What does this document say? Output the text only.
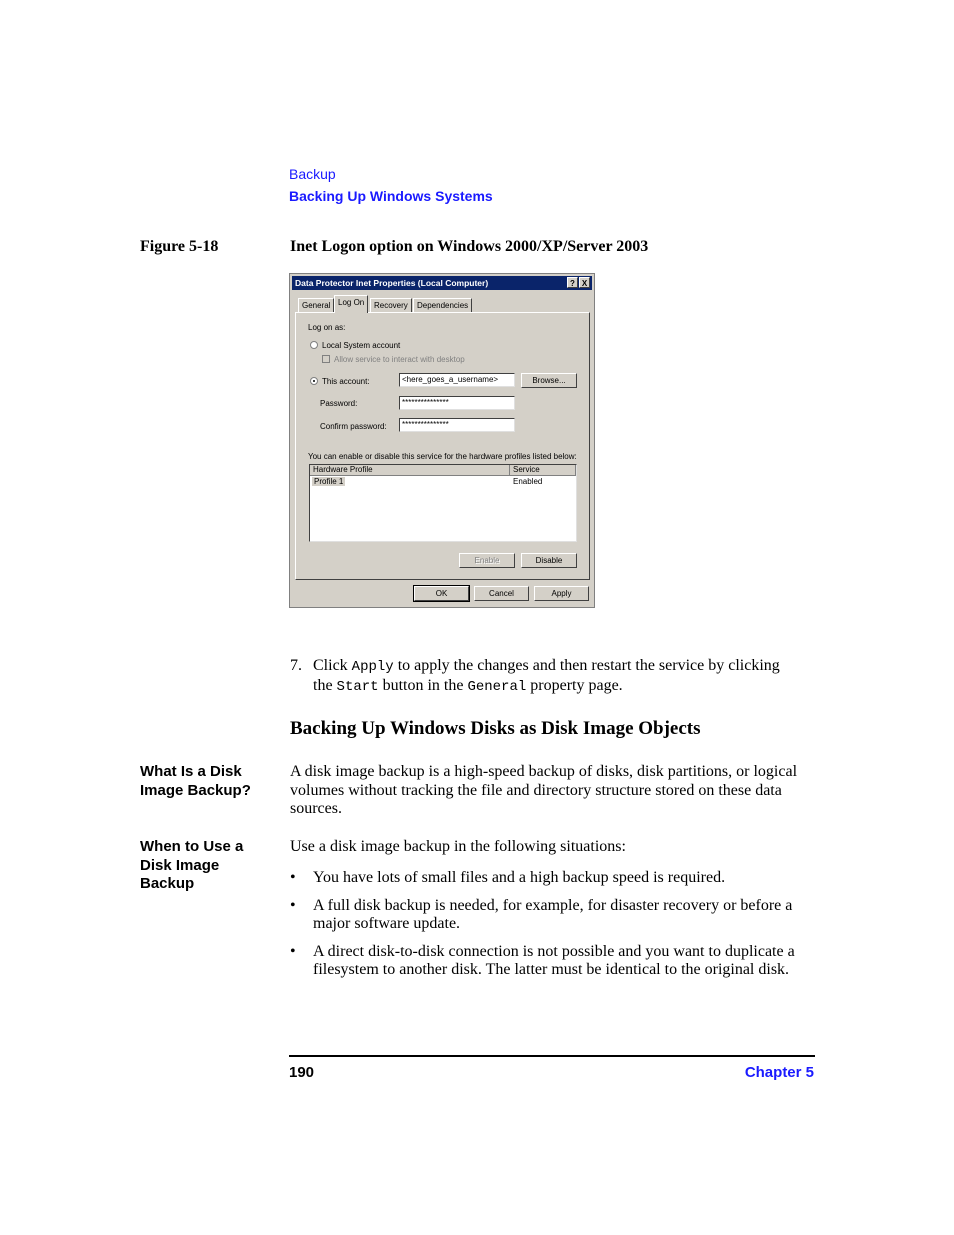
Backup
Backing Up Windows Systems
Figure 5-18	Inet Logon option on Windows 2000/XP/Server 2003
Data Protector Inet Properties (Local Computer)	? X
General Log On	Recovery	Dependencies
Log on as:
Local System account
Allow service to interact with desktop
This account:	<here_goes_a_username>	Browse...
Password:	***************
Confirm password:	***************
You can enable or disable this service for the hardware profiles listed below:
Hardware Profile	Service
Profile 1	Enabled
Enable	Disable
OK	Cancel	Apply
7. Click Apply to apply the changes and then restart the service by clicking the Start button in the General property page.
Backing Up Windows Disks as Disk Image Objects
What Is a Disk Image Backup?
A disk image backup is a high-speed backup of disks, disk partitions, or logical volumes without tracking the file and directory structure stored on these data sources.
When to Use a Disk Image Backup
Use a disk image backup in the following situations:
• You have lots of small files and a high backup speed is required.
• A full disk backup is needed, for example, for disaster recovery or before a major software update.
• A direct disk-to-disk connection is not possible and you want to duplicate a filesystem to another disk. The latter must be identical to the original disk.
190	Chapter 5
